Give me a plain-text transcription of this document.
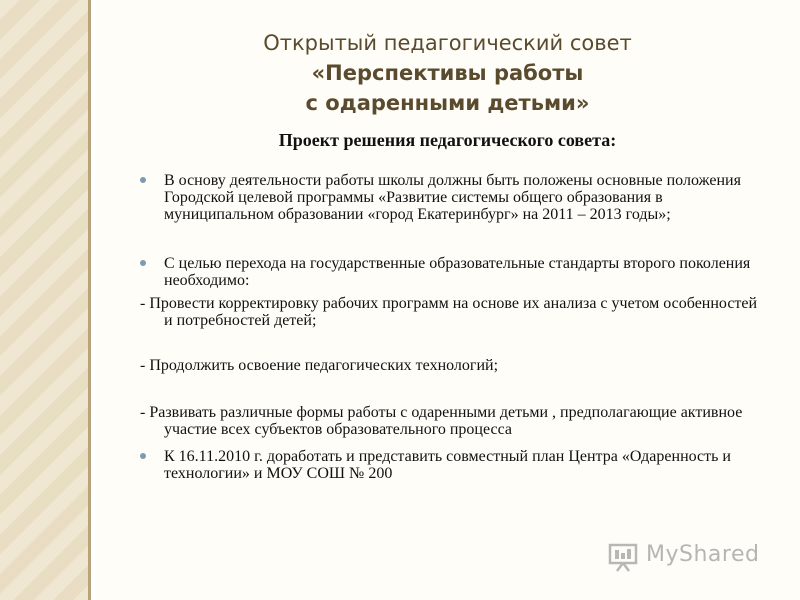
Открытый педагогический совет
«Перспективы работы
с одаренными детьми»
Проект решения педагогического совета:
В основу деятельности работы школы должны быть положены основные положения Городской целевой программы «Развитие системы общего образования в муниципальном образовании «город Екатеринбург» на 2011 – 2013 годы»;
С целью перехода на государственные образовательные стандарты второго поколения необходимо:
- Провести корректировку рабочих программ на основе их анализа с учетом особенностей и потребностей детей;
- Продолжить освоение педагогических технологий;
- Развивать различные формы работы с одаренными детьми , предполагающие активное участие всех субъектов образовательного процесса
К 16.11.2010 г. доработать и представить совместный план Центра «Одаренность и технологии» и МОУ СОШ № 200
MyShared
